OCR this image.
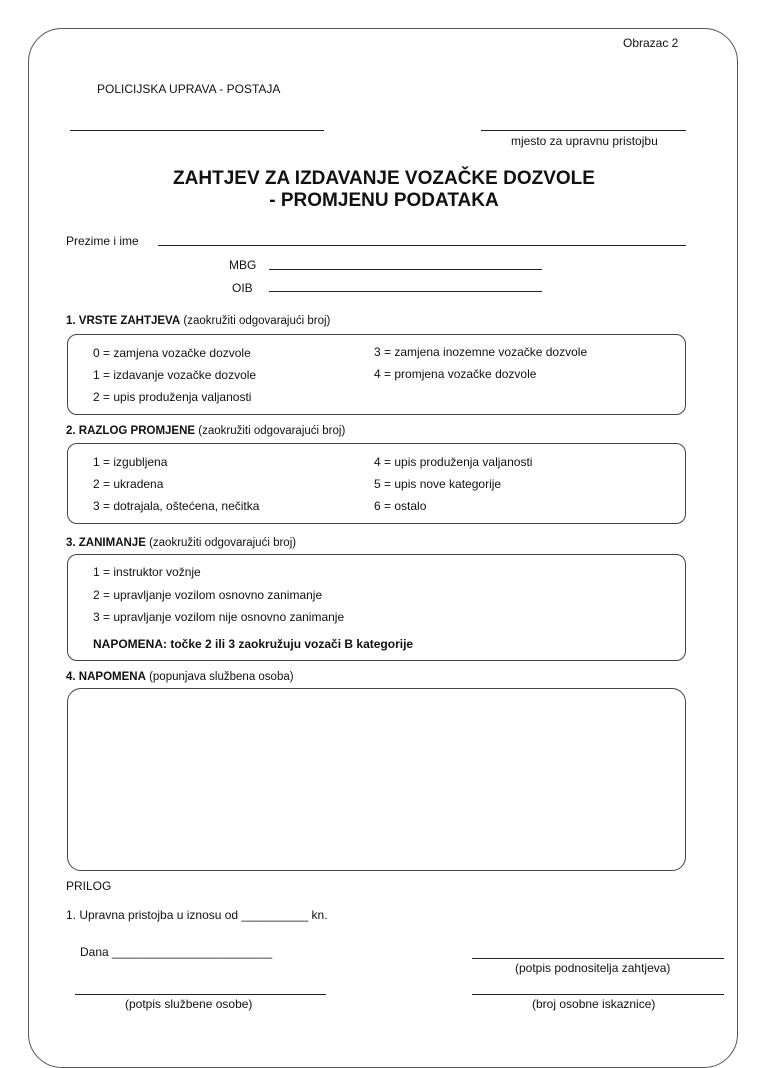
Obrazac 2
POLICIJSKA UPRAVA - POSTAJA
mjesto za upravnu pristojbu
ZAHTJEV ZA IZDAVANJE VOZAČKE DOZVOLE
- PROMJENU PODATAKA
Prezime i ime
MBG
OIB
1. VRSTE ZAHTJEVA (zaokružiti odgovarajući broj)
0 = zamjena vozačke dozvole
1 = izdavanje vozačke dozvole
2 = upis produženja valjanosti
3 = zamjena inozemne vozačke dozvole
4 = promjena vozačke dozvole
2. RAZLOG PROMJENE (zaokružiti odgovarajući broj)
1 = izgubljena
2 = ukradena
3 = dotrajala, oštećena, nečitka
4 = upis produženja valjanosti
5 = upis nove kategorije
6 = ostalo
3. ZANIMANJE (zaokružiti odgovarajući broj)
1 = instruktor vožnje
2 = upravljanje vozilom osnovno zanimanje
3 = upravljanje vozilom nije osnovno zanimanje
NAPOMENA: točke 2 ili 3 zaokružuju vozači B kategorije
4. NAPOMENA (popunjava službena osoba)
PRILOG
1. Upravna pristojba u iznosu od __________ kn.
Dana ________________________
(potpis podnositelja zahtjeva)
(potpis službene osobe)	(broj osobne iskaznice)
